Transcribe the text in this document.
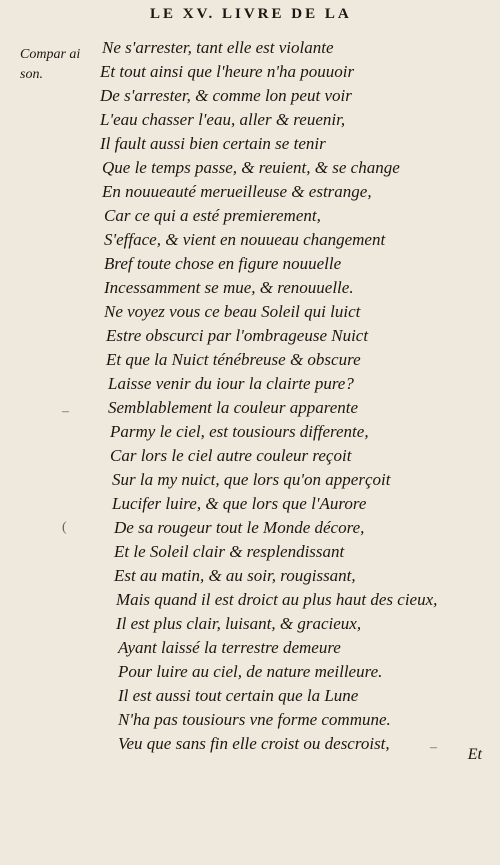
LE XV. LIVRE DE LA
Compar ai
son.
Ne s'arrester, tant elle est violante
Et tout ainsi que l'heure n'ha pouuoir
De s'arrester, & comme lon peut voir
L'eau chasser l'eau, aller & reuenir,
Il fault aussi bien certain se tenir
Que le temps passe, & reuient, & se change
En nouueauté merueilleuse & estrange,
Car ce qui a esté premierement,
S'efface, & vient en nouueau changement
Bref toute chose en figure nouuelle
Incessamment se mue, & renouuelle.
Ne voyez vous ce beau Soleil qui luict
Estre obscurci par l'ombrageuse Nuict
Et que la Nuict ténébreuse & obscure
Laisse venir du iour la clairte pure?
Semblablement la couleur apparente
Parmy le ciel, est tousiours differente,
Car lors le ciel autre couleur reçoit
Sur la my nuict, que lors qu'on apperçoit
Lucifer luire, & que lors que l'Aurore
De sa rougeur tout le Monde décore,
Et le Soleil clair & resplendissant
Est au matin, & au soir, rougissant,
Mais quand il est droict au plus haut des cieux,
Il est plus clair, luisant, & gracieux,
Ayant laissé la terrestre demeure
Pour luire au ciel, de nature meilleure.
Il est aussi tout certain que la Lune
N'ha pas tousiours vne forme commune.
Veu que sans fin elle croist ou descroist,
–
–
(
Et
